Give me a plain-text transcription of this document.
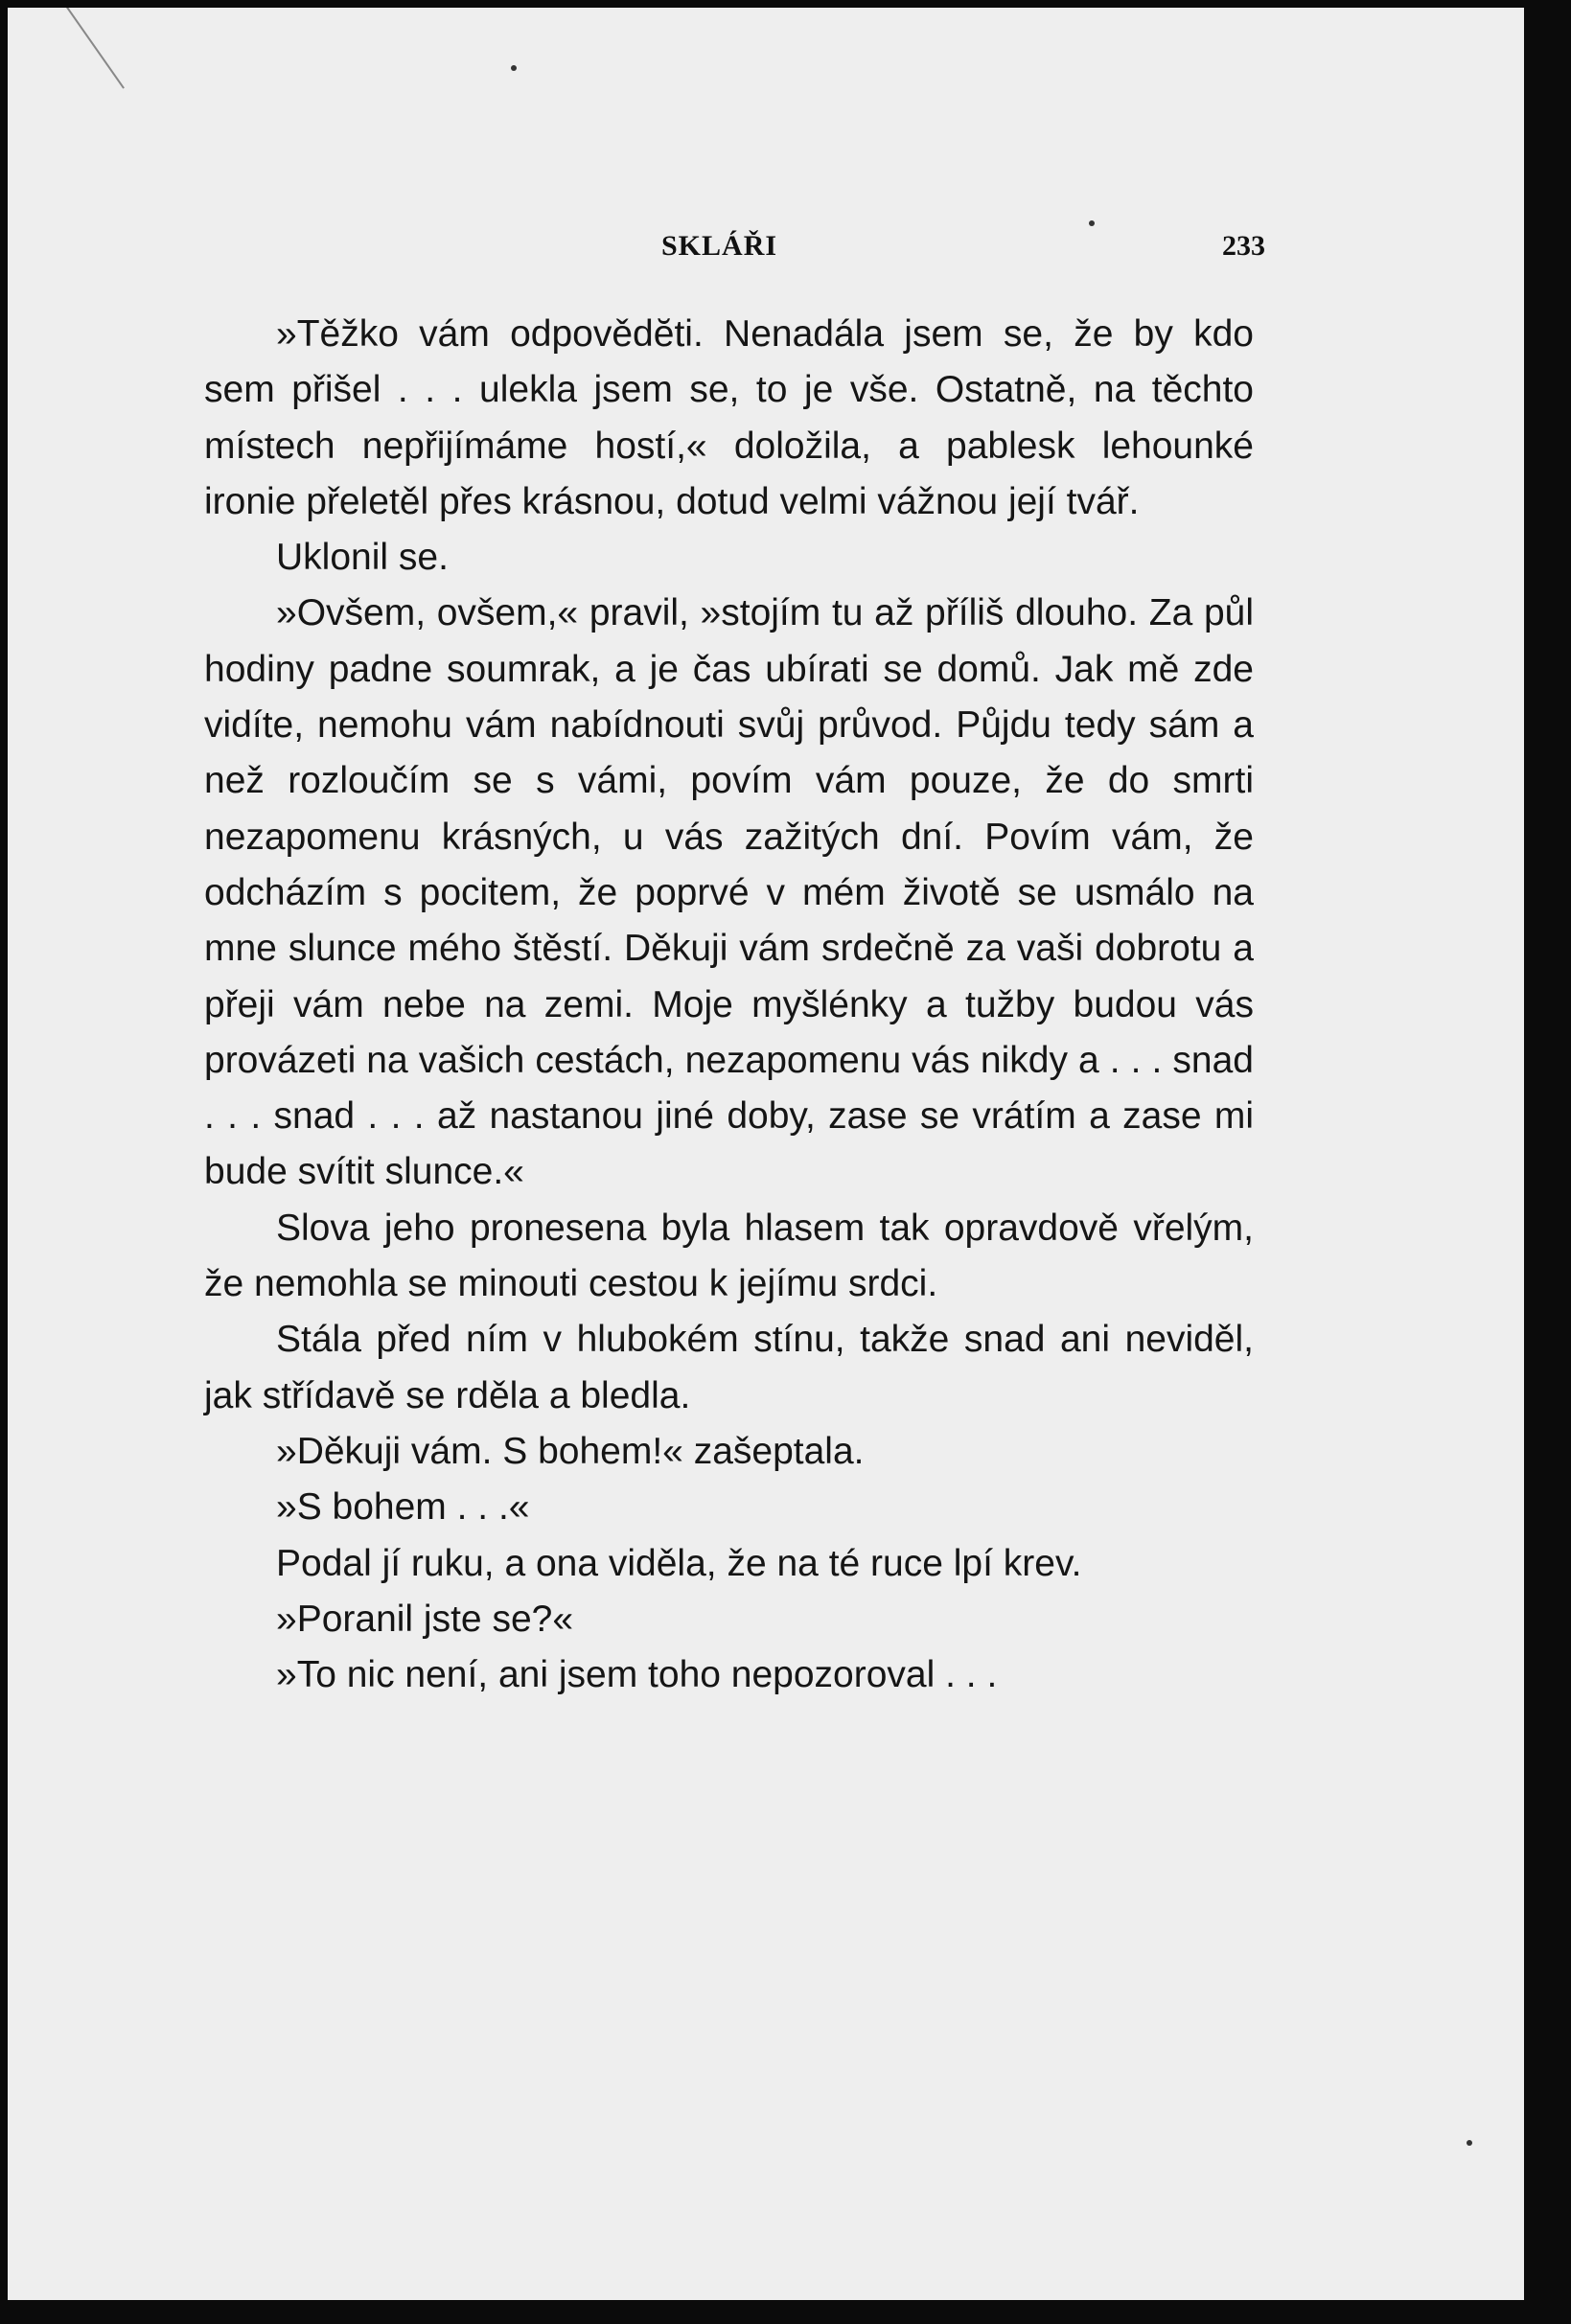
SKLÁŘI	233

»Těžko vám odpovědĕti. Nenadála jsem se, že by kdo sem přišel . . . ulekla jsem se, to je vše. Ostatně, na těchto místech nepřijímáme hostí,« doložila, a pablesk lehounké ironie přeletěl přes krásnou, dotud velmi vážnou její tvář.

Uklonil se.

»Ovšem, ovšem,« pravil, »stojím tu až příliš dlouho. Za půl hodiny padne soumrak, a je čas ubírati se domů. Jak mě zde vidíte, nemohu vám nabídnouti svůj průvod. Půjdu tedy sám a než rozloučím se s vámi, povím vám pouze, že do smrti nezapomenu krásných, u vás zažitých dní. Povím vám, že odcházím s pocitem, že poprvé v mém životě se usmálo na mne slunce mého štěstí. Děkuji vám srdečně za vaši dobrotu a přeji vám nebe na zemi. Moje myšlénky a tužby budou vás provázeti na vašich cestách, nezapomenu vás nikdy a . . . snad . . . snad . . . až nastanou jiné doby, zase se vrátím a zase mi bude svítit slunce.«

Slova jeho pronesena byla hlasem tak opravdově vřelým, že nemohla se minouti cestou k jejímu srdci.

Stála před ním v hlubokém stínu, takže snad ani neviděl, jak střídavě se rděla a bledla.

»Děkuji vám. S bohem!« zašeptala.

»S bohem . . .«

Podal jí ruku, a ona viděla, že na té ruce lpí krev.

»Poranil jste se?«

»To nic není, ani jsem toho nepozoroval . . .
